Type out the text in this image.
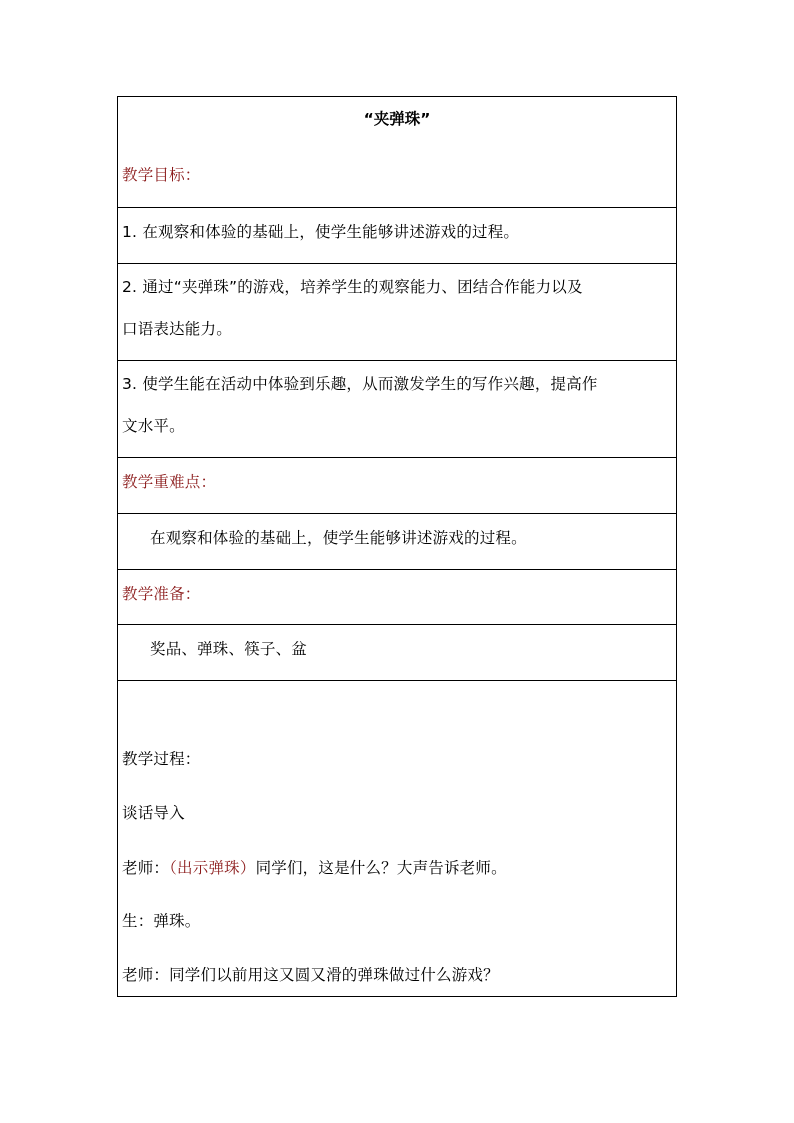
“夹弹珠”
教学目标：
1. 在观察和体验的基础上，使学生能够讲述游戏的过程。
2. 通过“夹弹珠”的游戏，培养学生的观察能力、团结合作能力以及
口语表达能力。
3. 使学生能在活动中体验到乐趣，从而激发学生的写作兴趣，提高作
文水平。
教学重难点：
在观察和体验的基础上，使学生能够讲述游戏的过程。
教学准备：
奖品、弹珠、筷子、盆
教学过程：
谈话导入
老师：（出示弹珠）同学们，这是什么？大声告诉老师。
生：弹珠。
老师：同学们以前用这又圆又滑的弹珠做过什么游戏？
